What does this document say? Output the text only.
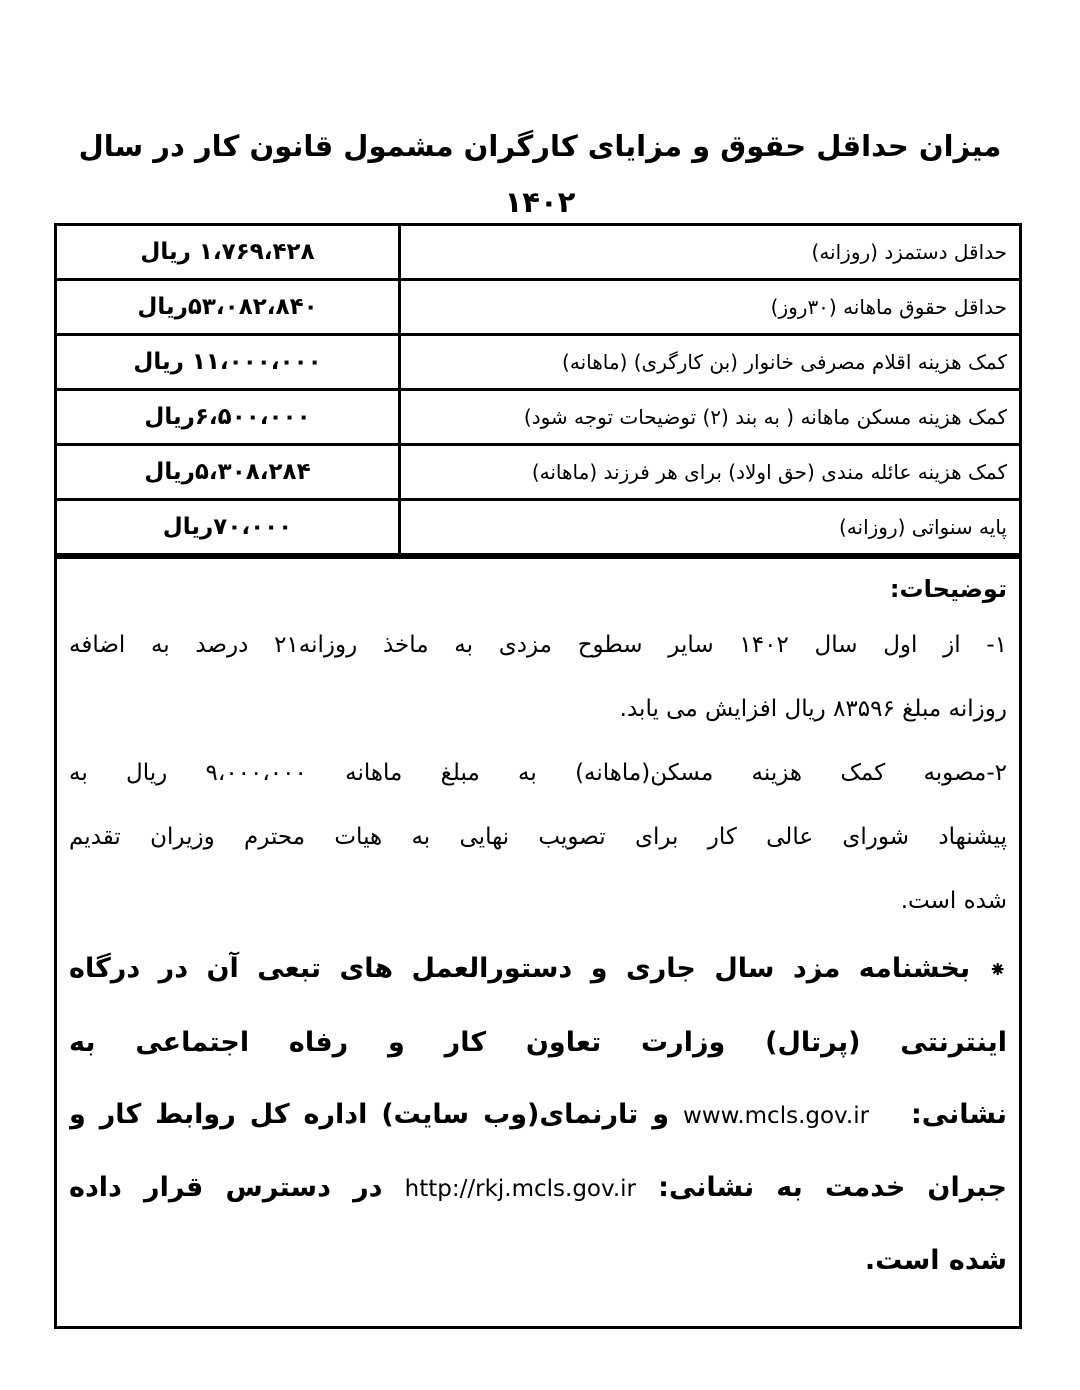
میزان حداقل حقوق و مزایای کارگران مشمول قانون کار در سال ۱۴۰۲
حداقل دستمزد (روزانه)
۱،۷۶۹،۴۲۸ ریال
حداقل حقوق ماهانه (۳۰روز)
۵۳،۰۸۲،۸۴۰ریال
کمک هزینه اقلام مصرفی خانوار (بن کارگری) (ماهانه)
۱۱،۰۰۰،۰۰۰ ریال
کمک هزینه مسکن ماهانه ( به بند (۲) توضیحات توجه شود)
۶،۵۰۰،۰۰۰ریال
کمک هزینه عائله مندی (حق اولاد) برای هر فرزند (ماهانه)
۵،۳۰۸،۲۸۴ریال
پایه سنواتی (روزانه)
۷۰،۰۰۰ریال
توضیحات:
۱- از اول سال ۱۴۰۲ سایر سطوح مزدی به ماخذ روزانه۲۱ درصد به اضافه
روزانه مبلغ ۸۳۵۹۶ ریال افزایش می یابد.
۲-مصوبه کمک هزینه مسکن(ماهانه) به مبلغ ماهانه ۹،۰۰۰،۰۰۰ ریال به
پیشنهاد شورای عالی کار برای تصویب نهایی به هیات محترم وزیران تقدیم
شده است.
⁕ بخشنامه مزد سال جاری و دستورالعمل های تبعی آن در درگاه
اینترنتی (پرتال) وزارت تعاون کار و رفاه اجتماعی به
نشانی:   www.mcls.gov.ir و تارنمای(وب سایت) اداره کل روابط کار و
جبران خدمت به نشانی: http://rkj.mcls.gov.ir در دسترس قرار داده
شده است.
